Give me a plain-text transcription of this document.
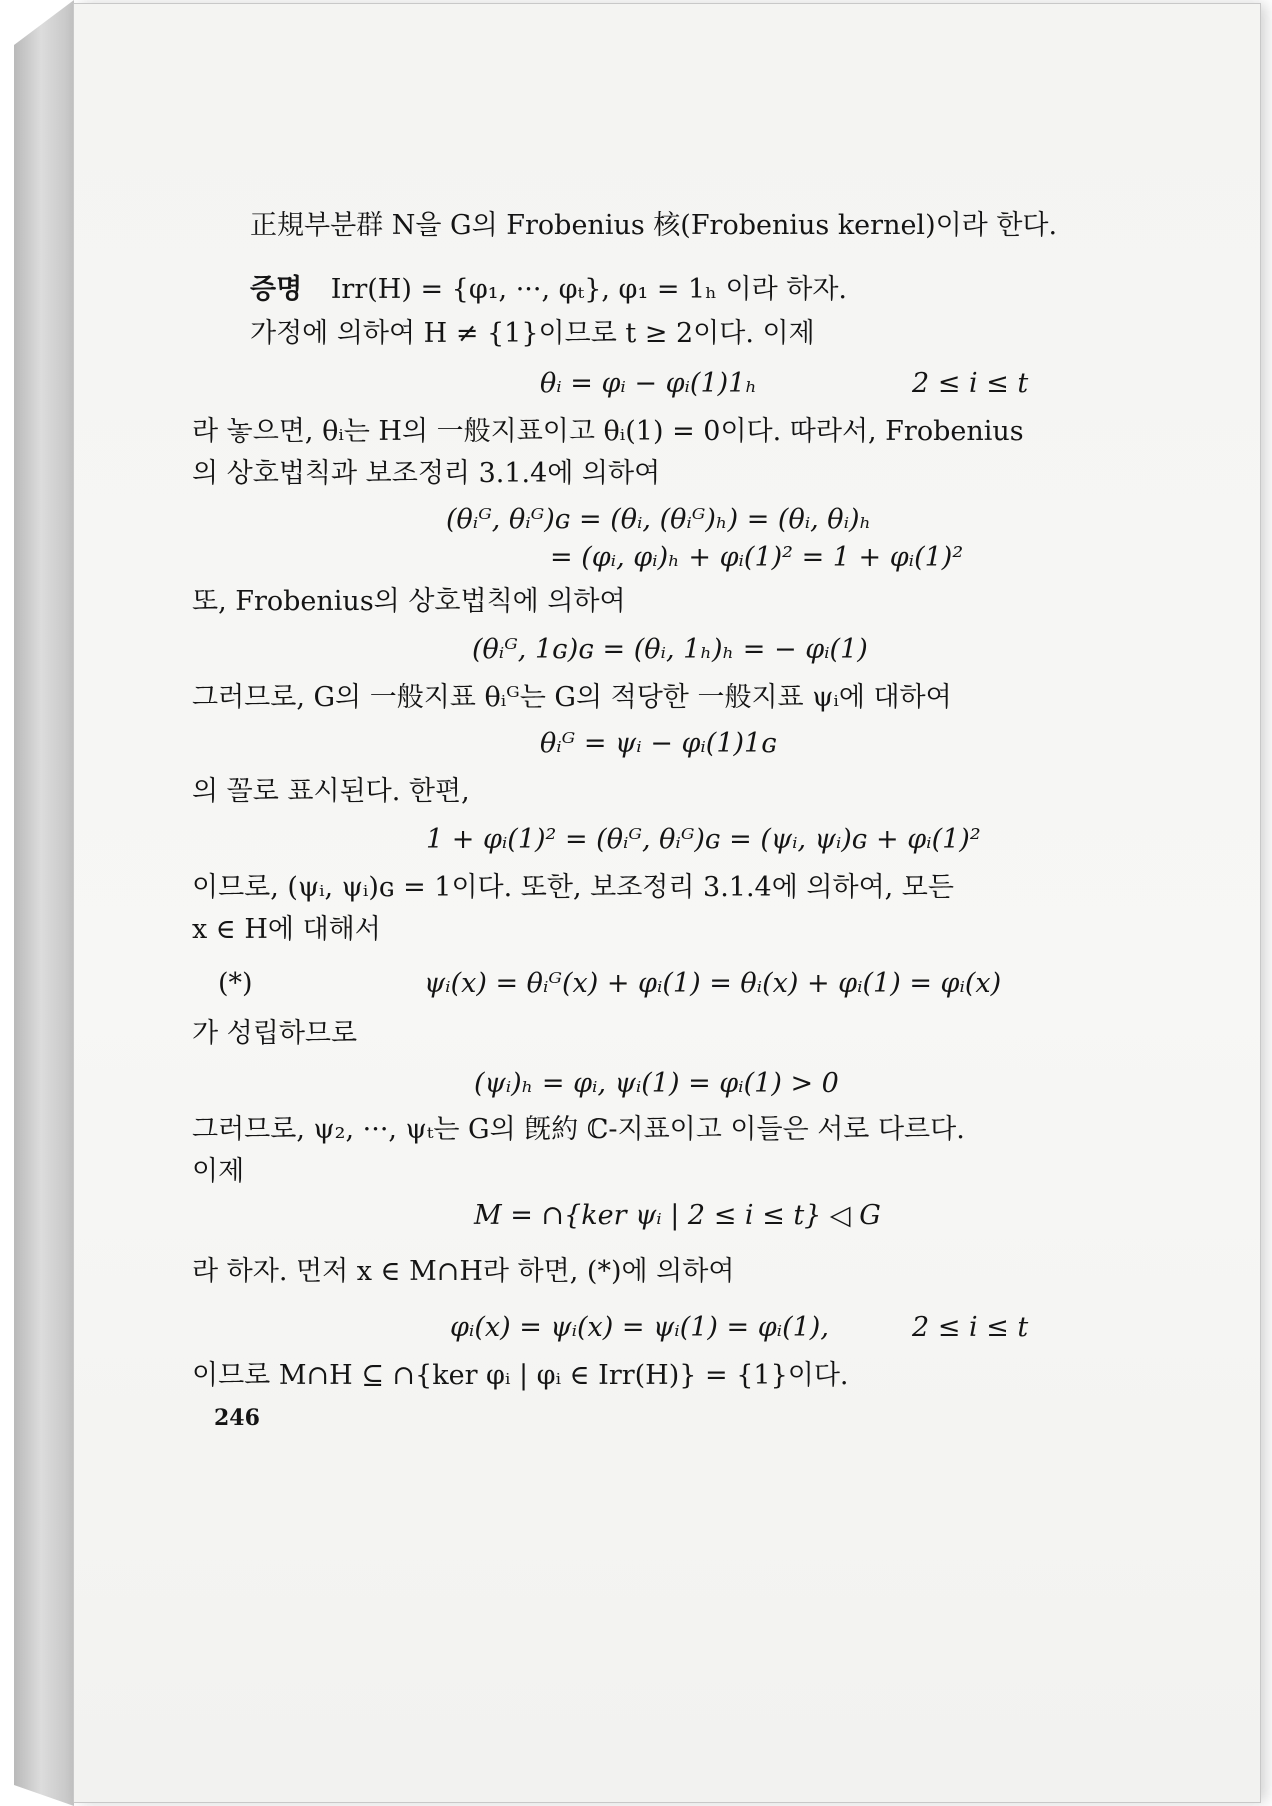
正規부분群 N을 G의 Frobenius 核(Frobenius kernel)이라 한다.
증명 Irr(H) = {φ₁, ···, φₜ}, φ₁ = 1ₕ 이라 하자.
가정에 의하여 H ≠ {1}이므로 t ≥ 2이다. 이제
θᵢ = φᵢ − φᵢ(1)1ₕ	2 ≤ i ≤ t
라 놓으면, θᵢ는 H의 一般지표이고 θᵢ(1) = 0이다. 따라서, Frobenius
의 상호법칙과 보조정리 3.1.4에 의하여
(θᵢᴳ, θᵢᴳ)ɢ = (θᵢ, (θᵢᴳ)ₕ) = (θᵢ, θᵢ)ₕ
= (φᵢ, φᵢ)ₕ + φᵢ(1)² = 1 + φᵢ(1)²
또, Frobenius의 상호법칙에 의하여
(θᵢᴳ, 1ɢ)ɢ = (θᵢ, 1ₕ)ₕ = − φᵢ(1)
그러므로, G의 一般지표 θᵢᴳ는 G의 적당한 一般지표 ψᵢ에 대하여
θᵢᴳ = ψᵢ − φᵢ(1)1ɢ
의 꼴로 표시된다. 한편,
1 + φᵢ(1)² = (θᵢᴳ, θᵢᴳ)ɢ = (ψᵢ, ψᵢ)ɢ + φᵢ(1)²
이므로, (ψᵢ, ψᵢ)ɢ = 1이다. 또한, 보조정리 3.1.4에 의하여, 모든
x ∈ H에 대해서
(*)	ψᵢ(x) = θᵢᴳ(x) + φᵢ(1) = θᵢ(x) + φᵢ(1) = φᵢ(x)
가 성립하므로
(ψᵢ)ₕ = φᵢ, ψᵢ(1) = φᵢ(1) > 0
그러므로, ψ₂, ···, ψₜ는 G의 旣約 ℂ-지표이고 이들은 서로 다르다.
이제
M = ∩{ker ψᵢ | 2 ≤ i ≤ t} ◁ G
라 하자. 먼저 x ∈ M∩H라 하면, (*)에 의하여
φᵢ(x) = ψᵢ(x) = ψᵢ(1) = φᵢ(1),	2 ≤ i ≤ t
이므로 M∩H ⊆ ∩{ker φᵢ | φᵢ ∈ Irr(H)} = {1}이다.
246
